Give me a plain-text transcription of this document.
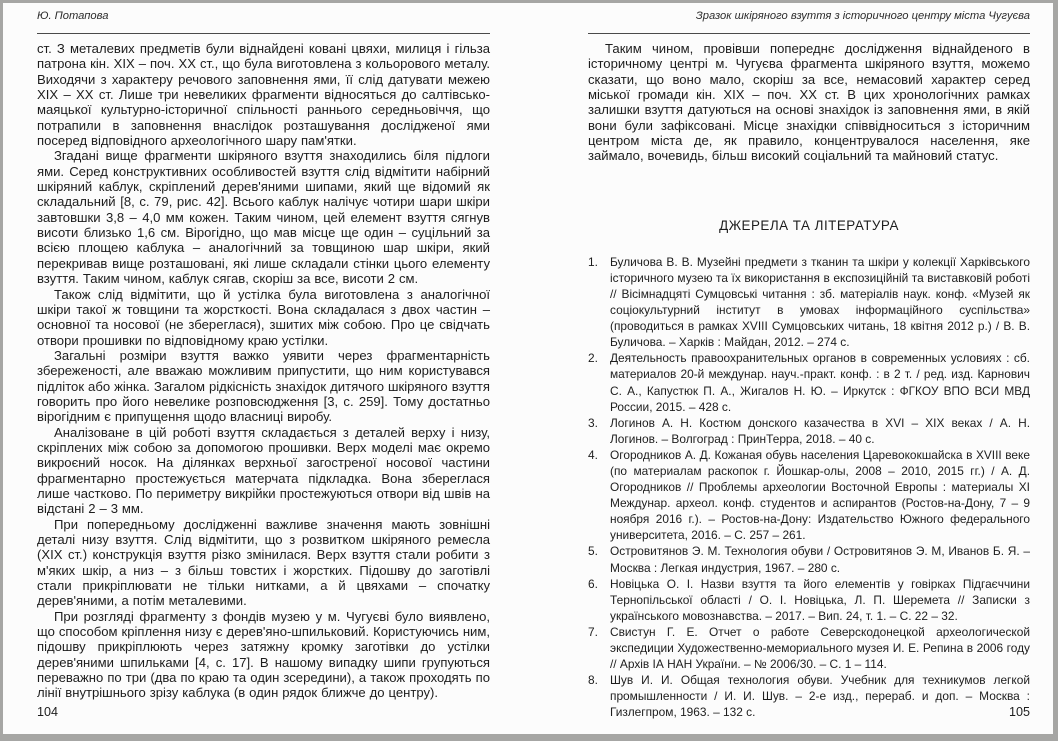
Ю. Потапова

ст. З металевих предметів були віднайдені ковані цвяхи, милиця і гільза патрона кін. XIX – поч. XX ст., що була виготовлена з кольорового металу. Виходячи з характеру речового заповнення ями, її слід датувати межею XIX – XX ст. Лише три невеликих фрагменти відносяться до салтівсько-маяцької культурно-історичної спільності раннього середньовіччя, що потрапили в заповнення внаслідок розташування дослідженої ями посеред відповідного археологічного шару пам'ятки.

Згадані вище фрагменти шкіряного взуття знаходились біля підлоги ями. Серед конструктивних особливостей взуття слід відмітити набірний шкіряний каблук, скріплений дерев'яними шипами, який ще відомий як складальний [8, с. 79, рис. 42]. Всього каблук налічує чотири шари шкіри завтовшки 3,8 – 4,0 мм кожен. Таким чином, цей елемент взуття сягнув висоти близько 1,6 см. Вірогідно, що мав місце ще один – суцільний за всією площею каблука – аналогічний за товщиною шар шкіри, який перекривав вище розташовані, які лише складали стінки цього елементу взуття. Таким чином, каблук сягав, скоріш за все, висоти 2 см.

Також слід відмітити, що й устілка була виготовлена з аналогічної шкіри такої ж товщини та жорсткості. Вона складалася з двох частин – основної та носової (не збереглася), зшитих між собою. Про це свідчать отвори прошивки по відповідному краю устілки.

Загальні розміри взуття важко уявити через фрагментарність збереженості, але вважаю можливим припустити, що ним користувався підліток або жінка. Загалом рідкісність знахідок дитячого шкіряного взуття говорить про його невелике розповсюдження [3, с. 259]. Тому достатньо вірогідним є припущення щодо власниці виробу.

Аналізоване в цій роботі взуття складається з деталей верху і низу, скріплених між собою за допомогою прошивки. Верх моделі має окремо викроєний носок. На ділянках верхньої загостреної носової частини фрагментарно простежується матерчата підкладка. Вона збереглася лише частково. По периметру викрійки простежуються отвори від швів на відстані 2 – 3 мм.

При попередньому дослідженні важливе значення мають зовнішні деталі низу взуття. Слід відмітити, що з розвитком шкіряного ремесла (XIX ст.) конструкція взуття різко змінилася. Верх взуття стали робити з м'яких шкір, а низ – з більш товстих і жорстких. Підошву до заготівлі стали прикріплювати не тільки нитками, а й цвяхами – спочатку дерев'яними, а потім металевими.

При розгляді фрагменту з фондів музею у м. Чугуєві було виявлено, що способом кріплення низу є дерев'яно-шпильковий. Користуючись ним, підошву прикріплюють через затяжну кромку заготівки до устілки дерев'яними шпильками [4, с. 17]. В нашому випадку шипи групуються переважно по три (два по краю та один зсередини), а також проходять по лінії внутрішнього зрізу каблука (в один рядок ближче до центру).

Зразок шкіряного взуття з історичного центру міста Чугуєва

Таким чином, провівши попереднє дослідження віднайденого в історичному центрі м. Чугуєва фрагмента шкіряного взуття, можемо сказати, що воно мало, скоріш за все, немасовий характер серед міської громади кін. XIX – поч. XX ст. В цих хронологічних рамках залишки взуття датуються на основі знахідок із заповнення ями, в якій вони були зафіксовані. Місце знахідки співвідноситься з історичним центром міста де, як правило, концентрувалося населення, яке займало, вочевидь, більш високий соціальний та майновий статус.

ДЖЕРЕЛА ТА ЛІТЕРАТУРА
1.	Буличова В. В. Музейні предмети з тканин та шкіри у колекції Харківського історичного музею та їх використання в експозиційній та виставковій роботі // Вісімнадцяті Сумцовські читання : зб. матеріалів наук. конф. «Музей як соціокультурний інститут в умовах інформаційного суспільства» (проводиться в рамках XVIII Сумцовських читань, 18 квітня 2012 р.) / В. В. Буличова. – Харків : Майдан, 2012. – 274 с.
2.	Деятельность правоохранительных органов в современных условиях : сб. материалов 20-й междунар. науч.-практ. конф. : в 2 т. / ред. изд. Карнович С. А., Капустюк П. А., Жигалов Н. Ю. – Иркутск : ФГКОУ ВПО ВСИ МВД России, 2015. – 428 с.
3.	Логинов А. Н. Костюм донского казачества в XVI – XIX веках / А. Н. Логинов. – Волгоград : ПринТерра, 2018. – 40 с.
4.	Огородников А. Д. Кожаная обувь населения Царевококшайска в XVIII веке (по материалам раскопок г. Йошкар-олы, 2008 – 2010, 2015 гг.) / А. Д. Огородников // Проблемы археологии Восточной Европы : материалы XI Междунар. археол. конф. студентов и аспирантов (Ростов-на-Дону, 7 – 9 ноября 2016 г.). – Ростов-на-Дону: Издательство Южного федерального университета, 2016. – С. 257 – 261.
5.	Островитянов Э. М. Технология обуви / Островитянов Э. М, Иванов Б. Я. – Москва : Легкая индустрия, 1967. – 280 с.
6.	Новіцька О. І. Назви взуття та його елементів у говірках Підгаєччини Тернопільської області / О. І. Новіцька, Л. П. Шеремета // Записки з українського мовознавства. – 2017. – Вип. 24, т. 1. – С. 22 – 32.
7.	Свистун Г. Е. Отчет о работе Северскодонецкой археологической экспедиции Художественно-мемориального музея И. Е. Репина в 2006 году // Архів ІА НАН України. – № 2006/30. – С. 1 – 114.
8.	Шув И. И. Общая технология обуви. Учебник для техникумов легкой промышленности / И. И. Шув. – 2-е изд., перераб. и доп. – Москва : Гизлегпром, 1963. – 132 с.
104	105
